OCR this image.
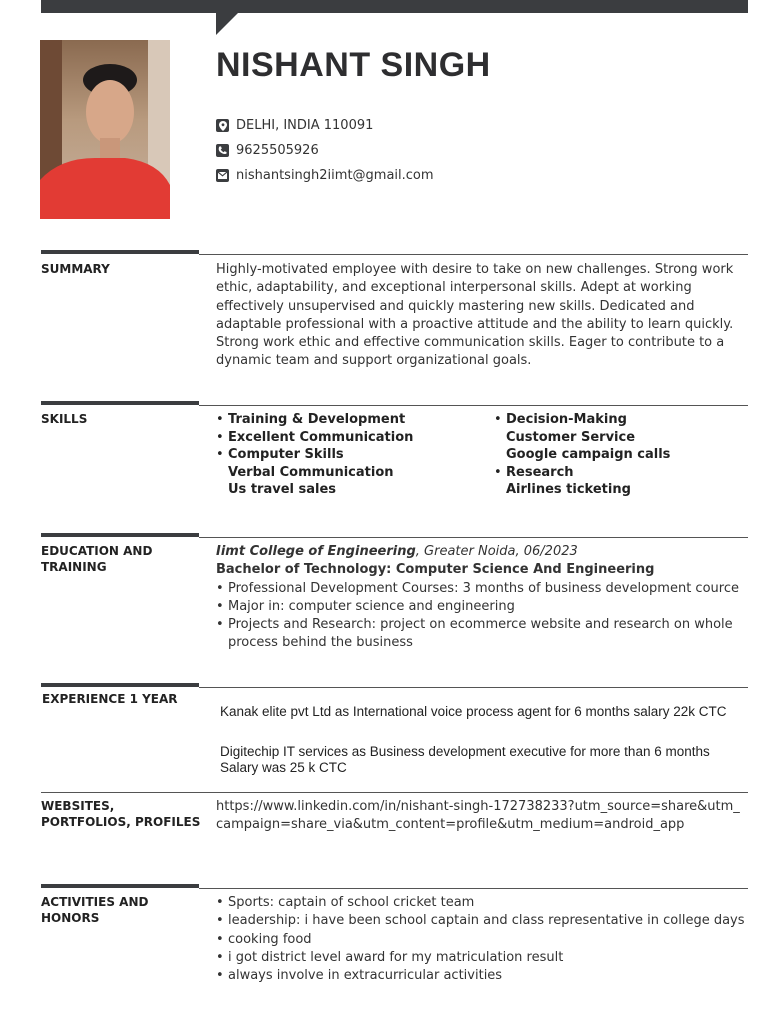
NISHANT SINGH
DELHI, INDIA 110091
9625505926
nishantsingh2iimt@gmail.com
SUMMARY	Highly-motivated employee with desire to take on new challenges. Strong work ethic, adaptability, and exceptional interpersonal skills. Adept at working effectively unsupervised and quickly mastering new skills. Dedicated and adaptable professional with a proactive attitude and the ability to learn quickly. Strong work ethic and effective communication skills. Eager to contribute to a dynamic team and support organizational goals.
SKILLS
•	Training & Development
• Excellent Communication
• Computer Skills
Verbal Communication
Us travel sales
• Decision-Making
Customer Service
Google campaign calls
• Research
Airlines ticketing
EDUCATION AND TRAINING
Iimt College of Engineering, Greater Noida, 06/2023
Bachelor of Technology: Computer Science And Engineering
• Professional Development Courses: 3 months of business development cource
• Major in: computer science and engineering
• Projects and Research: project on ecommerce website and research on whole process behind the business
EXPERIENCE 1 YEAR
Kanak elite pvt Ltd as International voice process agent for 6 months salary 22k CTC
Digitechip IT services as Business development executive for more than 6 months Salary was 25 k CTC
WEBSITES, PORTFOLIOS, PROFILES
https://www.linkedin.com/in/nishant-singh-172738233?utm_source=share&utm_campaign=share_via&utm_content=profile&utm_medium=android_app
ACTIVITIES AND HONORS
• Sports: captain of school cricket team
• leadership: i have been school captain and class representative in college days
• cooking food
• i got district level award for my matriculation result
• always involve in extracurricular activities
